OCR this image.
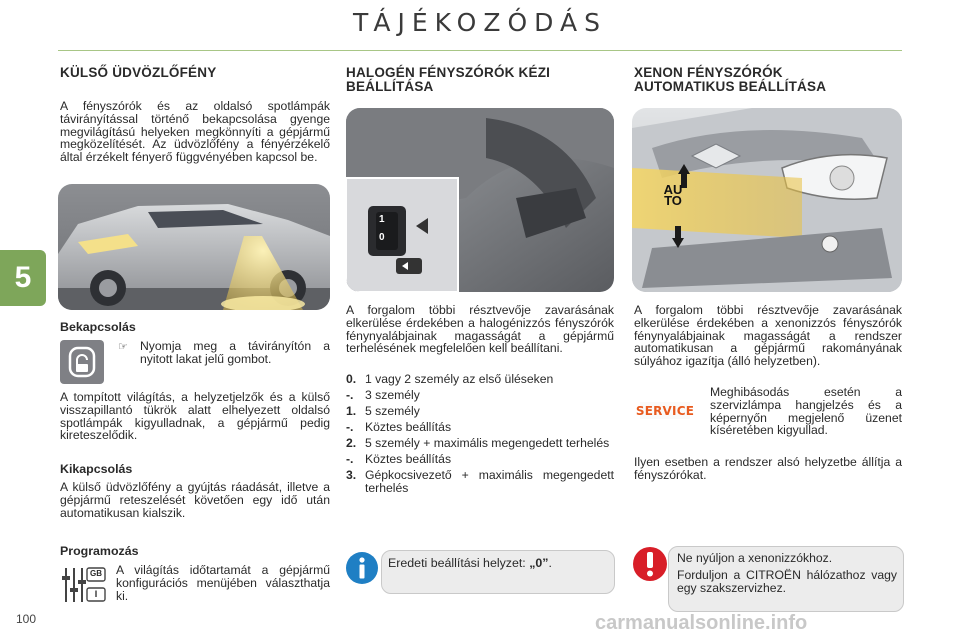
TÁJÉKOZÓDÁS
5
100
KÜLSŐ ÜDVÖZLŐFÉNY
A fényszórók és az oldalsó spotlámpák távirányítással történő bekapcsolása gyenge megvilágítású helyeken megkönnyíti a gépjármű megközelítését. Az üdvözlőfény a fényérzékelő által érzékelt fényerő függvényében kapcsol be.
Bekapcsolás
☞ Nyomja meg a távirányítón a nyitott lakat jelű gombot.
A tompított világítás, a helyzetjelzők és a külső visszapillantó tükrök alatt elhelyezett oldalsó spotlámpák kigyulladnak, a gépjármű pedig kireteszelődik.
Kikapcsolás
A külső üdvözlőfény a gyújtás ráadását, illetve a gépjármű reteszelését követően egy idő után automatikusan kialszik.
Programozás
GB
I
A világítás időtartamát a gépjármű konfigurációs menüjében választhatja ki.
HALOGÉN FÉNYSZÓRÓK KÉZI
BEÁLLÍTÁSA
1
0
A forgalom többi résztvevője zavarásának elkerülése érdekében a halogénizzós fényszórók fénynyalábjainak magasságát a gépjármű terhelésének megfelelően kell beállítani.
0. 1 vagy 2 személy az első üléseken
-. 3 személy
1. 5 személy
-. Köztes beállítás
2. 5 személy + maximális megengedett terhelés
-. Köztes beállítás
3. Gépkocsivezető + maximális megengedett terhelés
Eredeti beállítási helyzet: „0”.
XENON FÉNYSZÓRÓK
AUTOMATIKUS BEÁLLÍTÁSA
AUTO
A forgalom többi résztvevője zavarásának elkerülése érdekében a xenonizzós fényszórók fénynyalábjainak magasságát a rendszer automatikusan a gépjármű rakományának súlyához igazítja (álló helyzetben).
SERVICE
Meghibásodás esetén a szervizlámpa hangjelzés és a képernyőn megjelenő üzenet kíséretében kigyullad.
Ilyen esetben a rendszer alsó helyzetbe állítja a fényszórókat.
Ne nyúljon a xenonizzókhoz.
Forduljon a CITROËN hálózathoz vagy egy szakszervizhez.
carmanualsonline.info
